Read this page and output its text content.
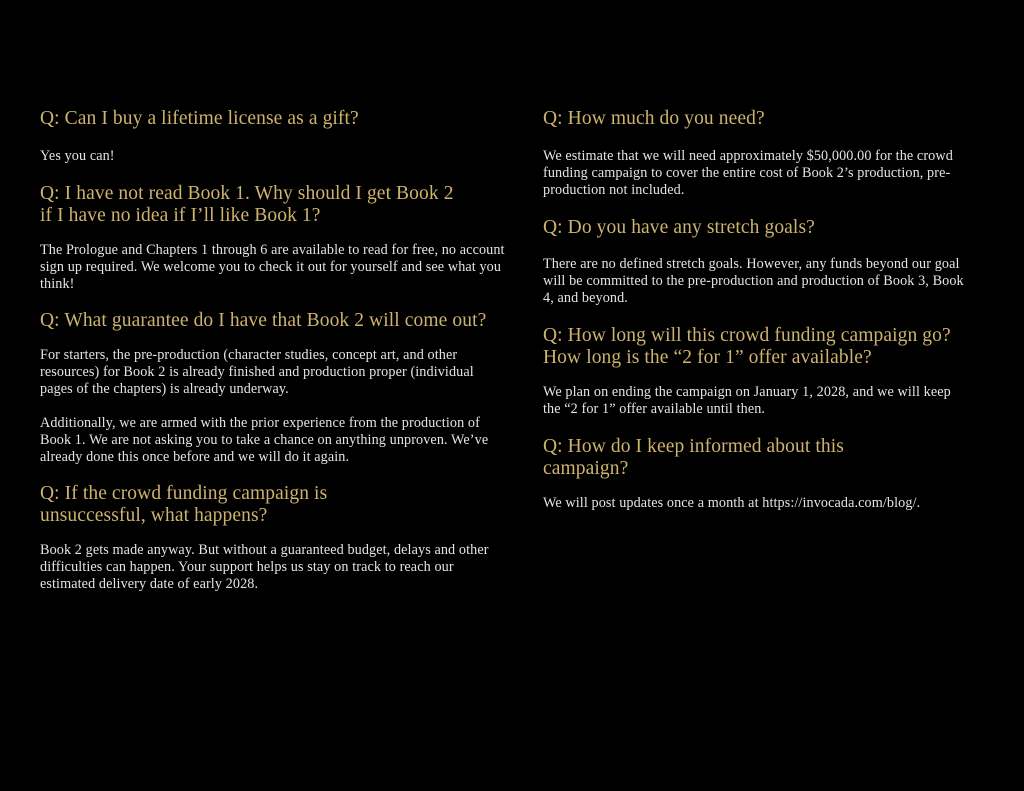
Q: Can I buy a lifetime license as a gift?

Yes you can!

Q: I have not read Book 1. Why should I get Book 2 if I have no idea if I’ll like Book 1?

The Prologue and Chapters 1 through 6 are available to read for free, no account sign up required. We welcome you to check it out for yourself and see what you think!

Q: What guarantee do I have that Book 2 will come out?

For starters, the pre-production (character studies, concept art, and other resources) for Book 2 is already finished and production proper (individual pages of the chapters) is already underway.

Additionally, we are armed with the prior experience from the production of Book 1. We are not asking you to take a chance on anything unproven. We’ve already done this once before and we will do it again.

Q: If the crowd funding campaign is unsuccessful, what happens?

Book 2 gets made anyway. But without a guaranteed budget, delays and other difficulties can happen. Your support helps us stay on track to reach our estimated delivery date of early 2028.

Q: How much do you need?

We estimate that we will need approximately $50,000.00 for the crowd funding campaign to cover the entire cost of Book 2’s production, pre-production not included.

Q: Do you have any stretch goals?

There are no defined stretch goals. However, any funds beyond our goal will be committed to the pre-production and production of Book 3, Book 4, and beyond.

Q: How long will this crowd funding campaign go? How long is the “2 for 1” offer available?

We plan on ending the campaign on January 1, 2028, and we will keep the “2 for 1” offer available until then.

Q: How do I keep informed about this campaign?

We will post updates once a month at https://invocada.com/blog/.
